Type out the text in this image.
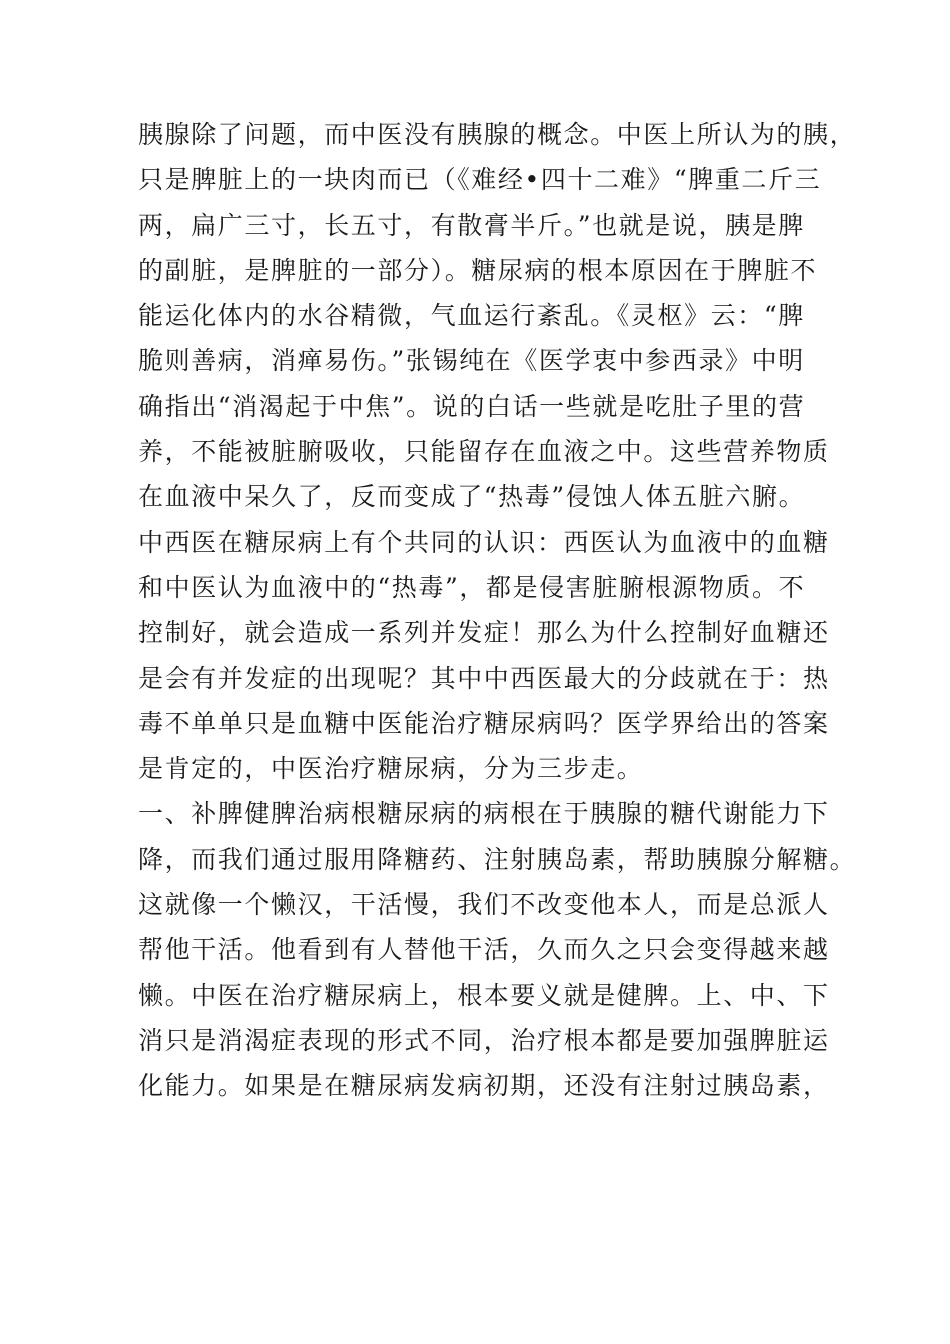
胰腺除了问题，而中医没有胰腺的概念。中医上所认为的胰，
只是脾脏上的一块肉而已（《难经•四十二难》“脾重二斤三
两，扁广三寸，长五寸，有散膏半斤。”也就是说，胰是脾
的副脏，是脾脏的一部分）。糖尿病的根本原因在于脾脏不
能运化体内的水谷精微，气血运行紊乱。《灵枢》云：“脾
脆则善病，消瘅易伤。”张锡纯在《医学衷中参西录》中明
确指出“消渴起于中焦”。说的白话一些就是吃肚子里的营
养，不能被脏腑吸收，只能留存在血液之中。这些营养物质
在血液中呆久了，反而变成了“热毒”侵蚀人体五脏六腑。
中西医在糖尿病上有个共同的认识：西医认为血液中的血糖
和中医认为血液中的“热毒”，都是侵害脏腑根源物质。不
控制好，就会造成一系列并发症！那么为什么控制好血糖还
是会有并发症的出现呢？其中中西医最大的分歧就在于：热
毒不单单只是血糖中医能治疗糖尿病吗？医学界给出的答案
是肯定的，中医治疗糖尿病，分为三步走。
一、补脾健脾治病根糖尿病的病根在于胰腺的糖代谢能力下
降，而我们通过服用降糖药、注射胰岛素，帮助胰腺分解糖。
这就像一个懒汉，干活慢，我们不改变他本人，而是总派人
帮他干活。他看到有人替他干活，久而久之只会变得越来越
懒。中医在治疗糖尿病上，根本要义就是健脾。上、中、下
消只是消渴症表现的形式不同，治疗根本都是要加强脾脏运
化能力。如果是在糖尿病发病初期，还没有注射过胰岛素，
